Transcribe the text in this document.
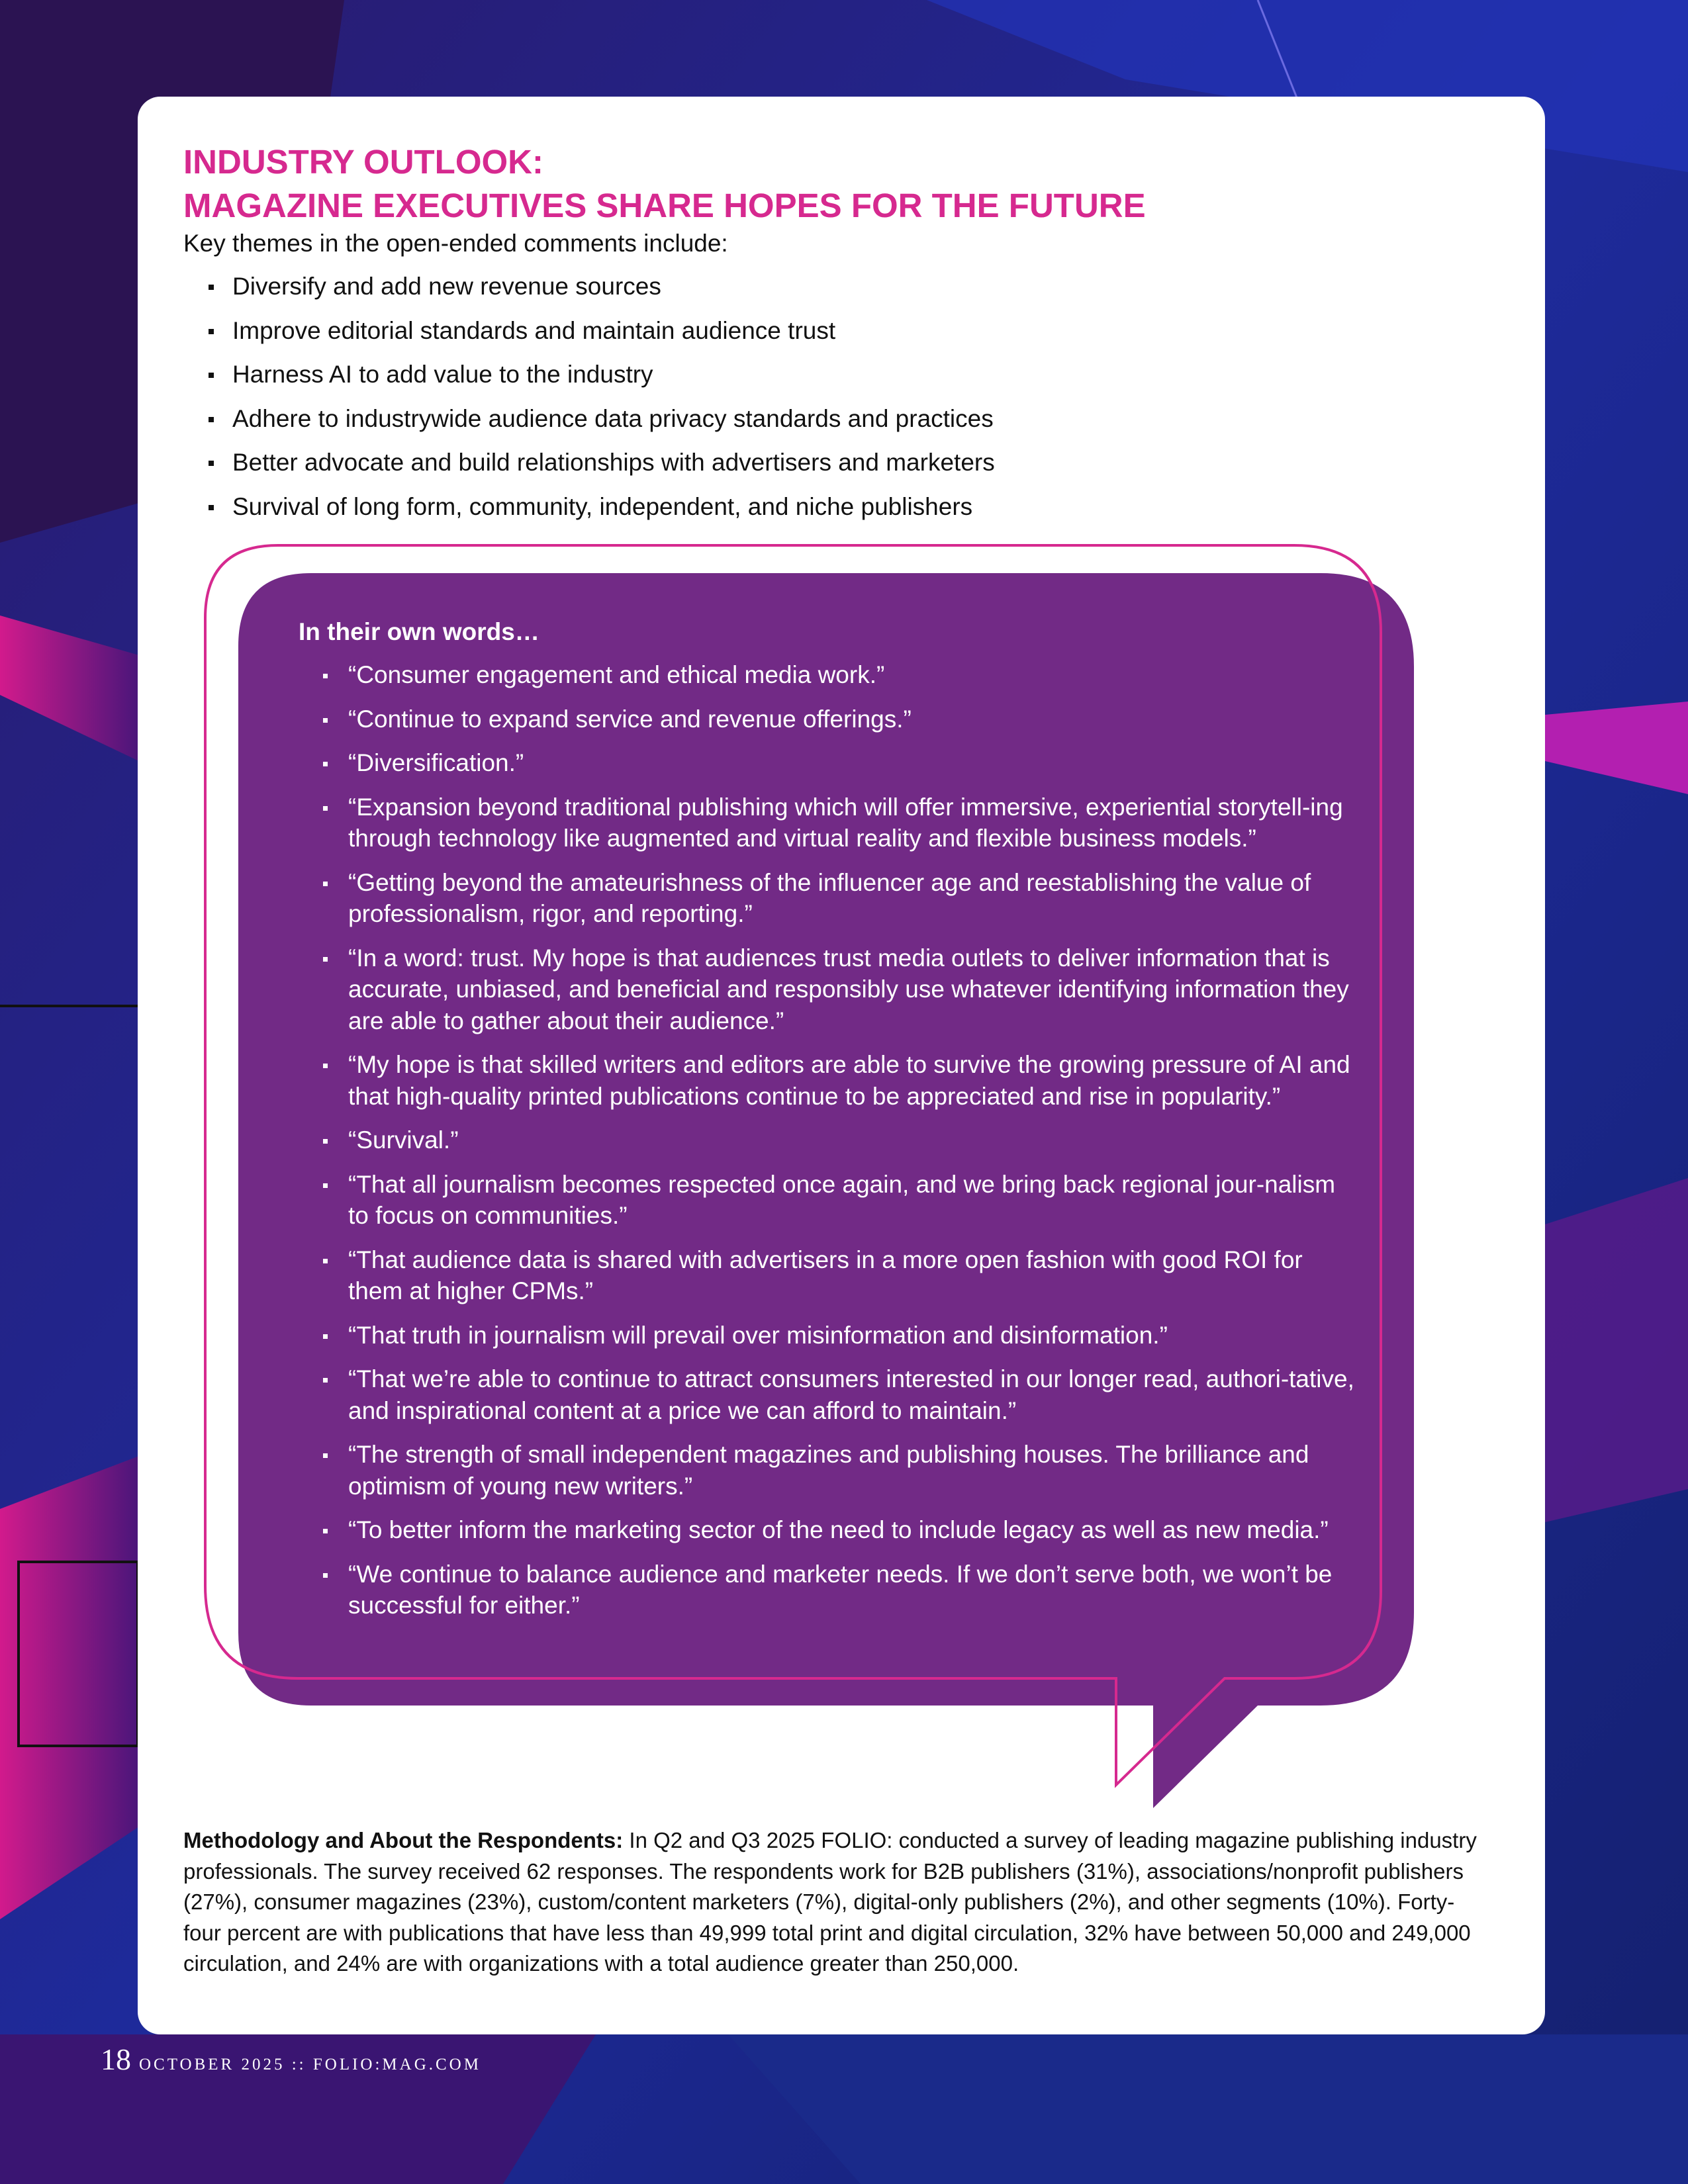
INDUSTRY OUTLOOK:
MAGAZINE EXECUTIVES SHARE HOPES FOR THE FUTURE

Key themes in the open-ended comments include:

Diversify and add new revenue sources
Improve editorial standards and maintain audience trust
Harness AI to add value to the industry
Adhere to industrywide audience data privacy standards and practices
Better advocate and build relationships with advertisers and marketers
Survival of long form, community, independent, and niche publishers

In their own words…

“Consumer engagement and ethical media work.”
“Continue to expand service and revenue offerings.”
“Diversification.”
“Expansion beyond traditional publishing which will offer immersive, experiential storytell-ing through technology like augmented and virtual reality and flexible business models.”
“Getting beyond the amateurishness of the influencer age and reestablishing the value of professionalism, rigor, and reporting.”
“In a word: trust. My hope is that audiences trust media outlets to deliver information that is accurate, unbiased, and beneficial and responsibly use whatever identifying information they are able to gather about their audience.”
“My hope is that skilled writers and editors are able to survive the growing pressure of AI and that high-quality printed publications continue to be appreciated and rise in popularity.”
“Survival.”
“That all journalism becomes respected once again, and we bring back regional jour-nalism to focus on communities.”
“That audience data is shared with advertisers in a more open fashion with good ROI for them at higher CPMs.”
“That truth in journalism will prevail over misinformation and disinformation.”
“That we’re able to continue to attract consumers interested in our longer read, authori-tative, and inspirational content at a price we can afford to maintain.”
“The strength of small independent magazines and publishing houses. The brilliance and optimism of young new writers.”
“To better inform the marketing sector of the need to include legacy as well as new media.”
“We continue to balance audience and marketer needs. If we don’t serve both, we won’t be successful for either.”

Methodology and About the Respondents: In Q2 and Q3 2025 FOLIO: conducted a survey of leading magazine publishing industry professionals. The survey received 62 responses. The respondents work for B2B publishers (31%), associations/nonprofit publishers (27%), consumer magazines (23%), custom/content marketers (7%), digital-only publishers (2%), and other segments (10%). Forty-four percent are with publications that have less than 49,999 total print and digital circulation, 32% have between 50,000 and 249,000 circulation, and 24% are with organizations with a total audience greater than 250,000.

18 OCTOBER 2025 :: FOLIO:MAG.COM
